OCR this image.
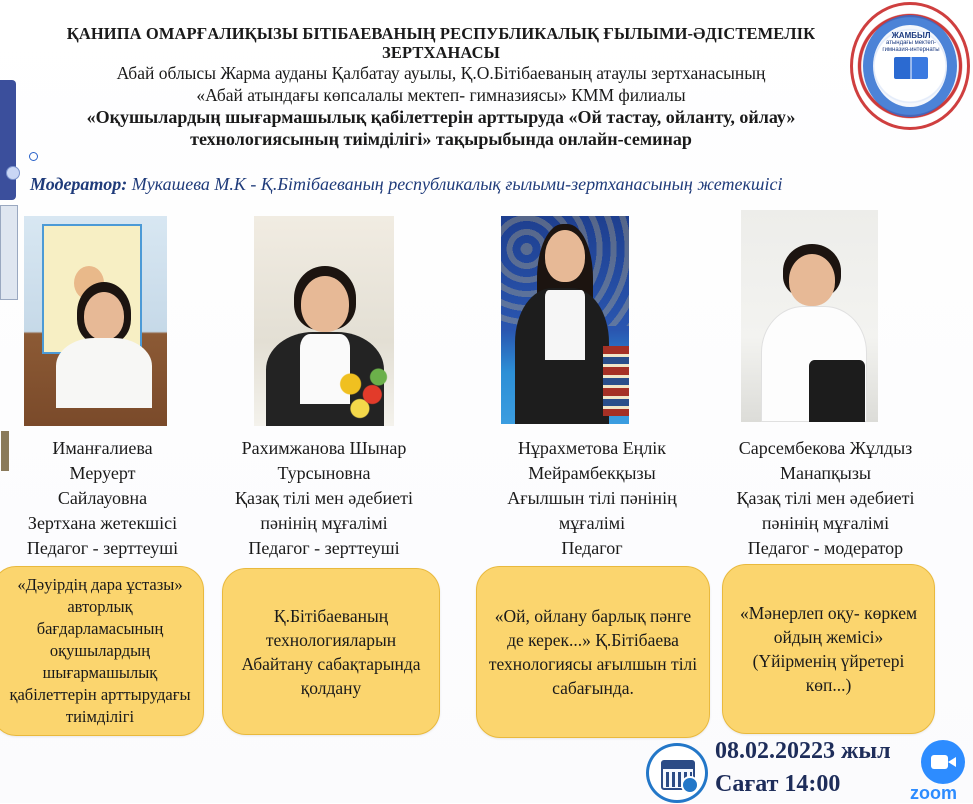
ҚАНИПА ОМАРҒАЛИҚЫЗЫ БІТІБАЕВАНЫҢ РЕСПУБЛИКАЛЫҚ ҒЫЛЫМИ-ӘДІСТЕМЕЛІК ЗЕРТХАНАСЫ
Абай облысы Жарма ауданы Қалбатау ауылы, Қ.О.Бітібаеваның атаулы зертханасының
«Абай атындағы көпсалалы мектеп- гимназиясы» КММ филиалы
«Оқушылардың шығармашылық қабілеттерін арттыруда «Ой тастау, ойланту, ойлау»
технологиясының тиімділігі» тақырыбында онлайн-семинар
Модератор: Мукашева М.К - Қ.Бітібаеваның республикалық ғылыми-зертханасының жетекшісі
ЖАМБЫЛ
атындағы мектеп-гимназия-интернаты
Иманғалиева
Меруерт
Сайлауовна
Зертхана жетекшісі
Педагог - зерттеуші
Рахимжанова Шынар
Турсыновна
Қазақ тілі мен әдебиеті
пәнінің мұғалімі
Педагог - зерттеуші
Нұрахметова Еңлік
Мейрамбекқызы
Ағылшын тілі пәнінің
мұғалімі
Педагог
Сарсембекова Жұлдыз
Манапқызы
Қазақ тілі мен әдебиеті
пәнінің мұғалімі
Педагог - модератор
«Дәуірдің дара ұстазы» авторлық бағдарламасының оқушылардың шығармашылық қабілеттерін арттырудағы тиімділігі
Қ.Бітібаеваның технологияларын Абайтану сабақтарында қолдану
«Ой, ойлану барлық пәнге де керек...» Қ.Бітібаева технологиясы ағылшын тілі сабағында.
«Мәнерлеп оқу- көркем ойдың жемісі» (Үйірменің үйретері көп...)
08.02.20223 жыл
Сағат 14:00	zoom
